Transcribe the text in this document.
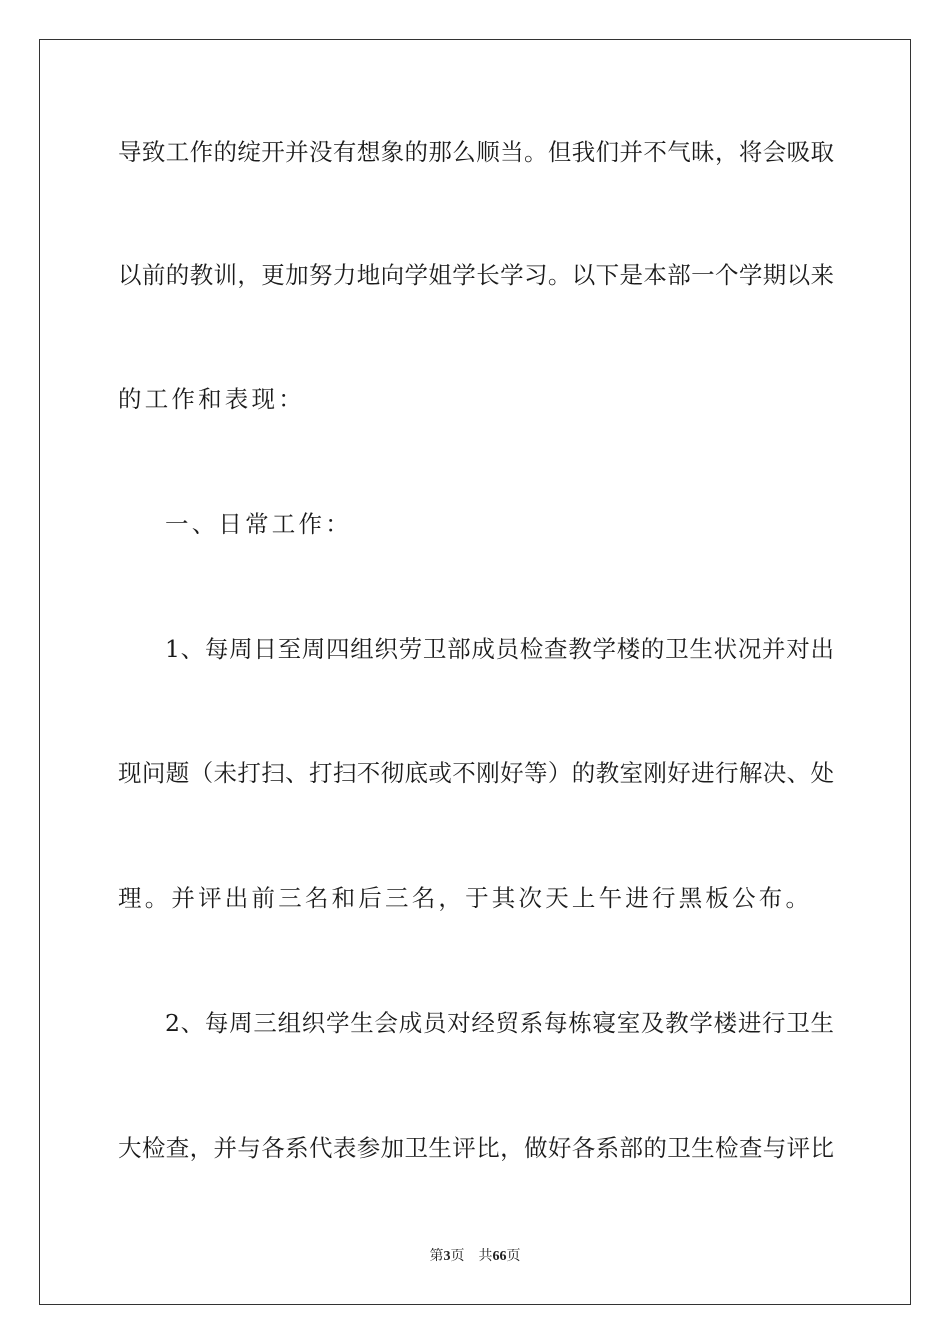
导致工作的绽开并没有想象的那么顺当。但我们并不气昧，将会吸取
以前的教训，更加努力地向学姐学长学习。以下是本部一个学期以来
的工作和表现：
一、日常工作：
1、每周日至周四组织劳卫部成员检查教学楼的卫生状况并对出
现问题（未打扫、打扫不彻底或不刚好等）的教室刚好进行解决、处
理。并评出前三名和后三名，于其次天上午进行黑板公布。
2、每周三组织学生会成员对经贸系每栋寝室及教学楼进行卫生
大检查，并与各系代表参加卫生评比，做好各系部的卫生检查与评比
第3页 共66页
